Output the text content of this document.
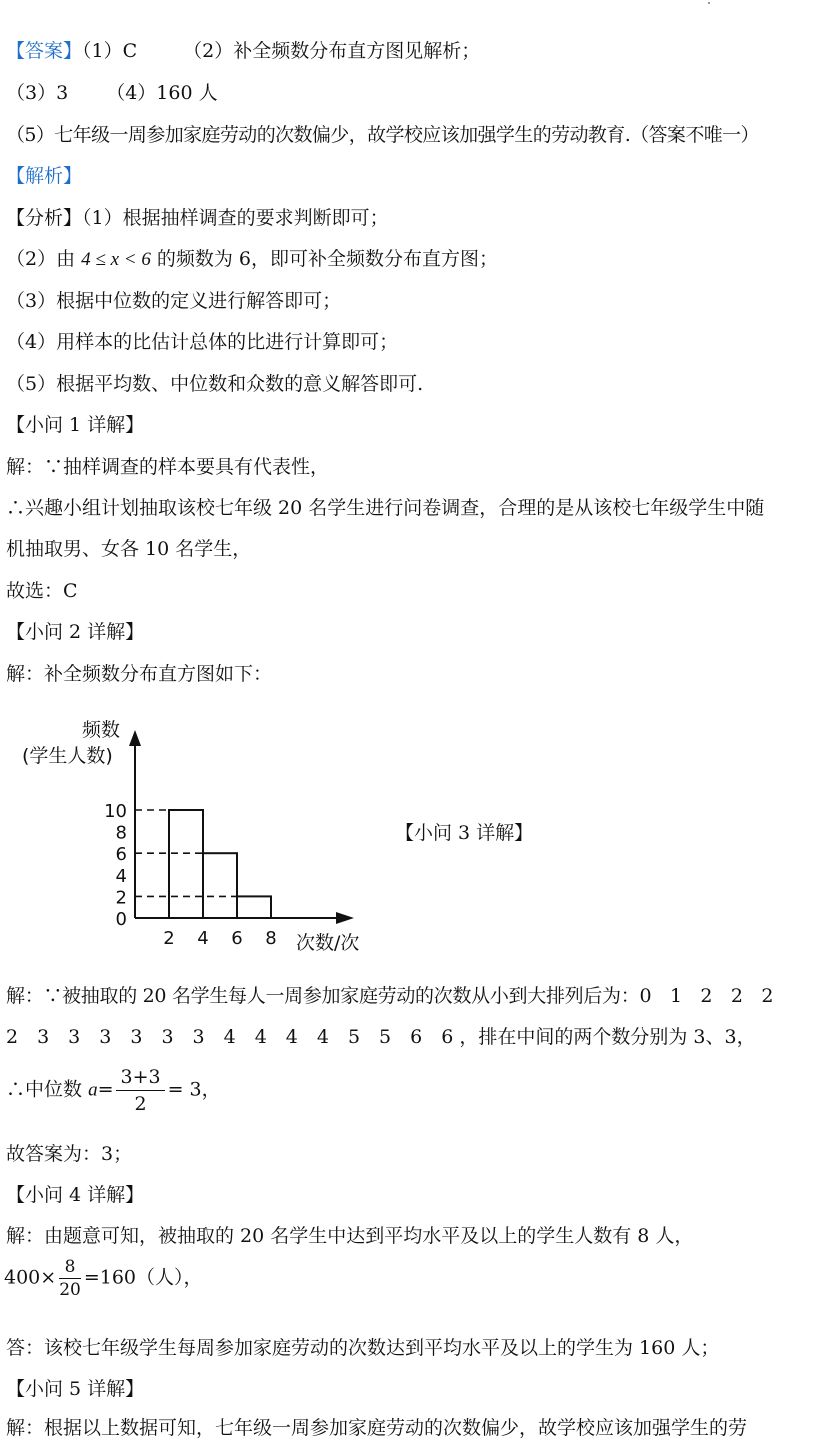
【答案】（1）C （2）补全频数分布直方图见解析；
（3）3 （4）160 人
（5）七年级一周参加家庭劳动的次数偏少，故学校应该加强学生的劳动教育.（答案不唯一）
【解析】
【分析】（1）根据抽样调查的要求判断即可；
（2）由 4 ≤ x < 6 的频数为 6，即可补全频数分布直方图；
（3）根据中位数的定义进行解答即可；
（4）用样本的比估计总体的比进行计算即可；
（5）根据平均数、中位数和众数的意义解答即可.
【小问 1 详解】
解：∵抽样调查的样本要具有代表性，
∴兴趣小组计划抽取该校七年级 20 名学生进行问卷调查，合理的是从该校七年级学生中随
机抽取男、女各 10 名学生，
故选：C
【小问 2 详解】
解：补全频数分布直方图如下：
频数
(学生人数)
0
2
4
6
8
10
2 4 6 8 次数/次
【小问 3 详解】
解：∵被抽取的 20 名学生每人一周参加家庭劳动的次数从小到大排列后为：0　1　2　2　2
2　3　3　3　3　3　3　4　4　4　4　5　5　6　6 ，排在中间的两个数分别为 3、3，
∴中位数 $a= \frac{3+3}{2} = 3$，
故答案为：3；
【小问 4 详解】
解：由题意可知，被抽取的 20 名学生中达到平均水平及以上的学生人数有 8 人，
$400\times \frac{8}{20} =160$（人），
答：该校七年级学生每周参加家庭劳动的次数达到平均水平及以上的学生为 160 人；
【小问 5 详解】
解：根据以上数据可知，七年级一周参加家庭劳动的次数偏少，故学校应该加强学生的劳
